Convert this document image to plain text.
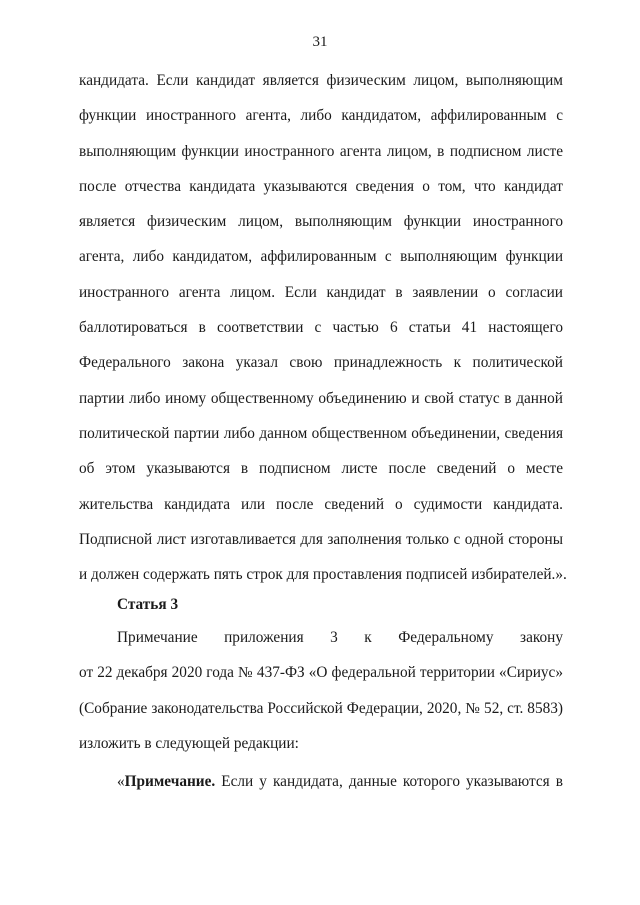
31
кандидата. Если кандидат является физическим лицом, выполняющим
функции иностранного агента, либо кандидатом, аффилированным с
выполняющим функции иностранного агента лицом, в подписном листе
после отчества кандидата указываются сведения о том, что кандидат
является физическим лицом, выполняющим функции иностранного
агента, либо кандидатом, аффилированным с выполняющим функции
иностранного агента лицом. Если кандидат в заявлении о согласии
баллотироваться в соответствии с частью 6 статьи 41 настоящего
Федерального закона указал свою принадлежность к политической
партии либо иному общественному объединению и свой статус в данной
политической партии либо данном общественном объединении, сведения
об этом указываются в подписном листе после сведений о месте
жительства кандидата или после сведений о судимости кандидата.
Подписной лист изготавливается для заполнения только с одной стороны
и должен содержать пять строк для проставления подписей избирателей.».
Статья 3
Примечание приложения 3 к Федеральному закону
от 22 декабря 2020 года № 437-ФЗ «О федеральной территории «Сириус»
(Собрание законодательства Российской Федерации, 2020, № 52, ст. 8583)
изложить в следующей редакции:
«Примечание. Если у кандидата, данные которого указываются в
